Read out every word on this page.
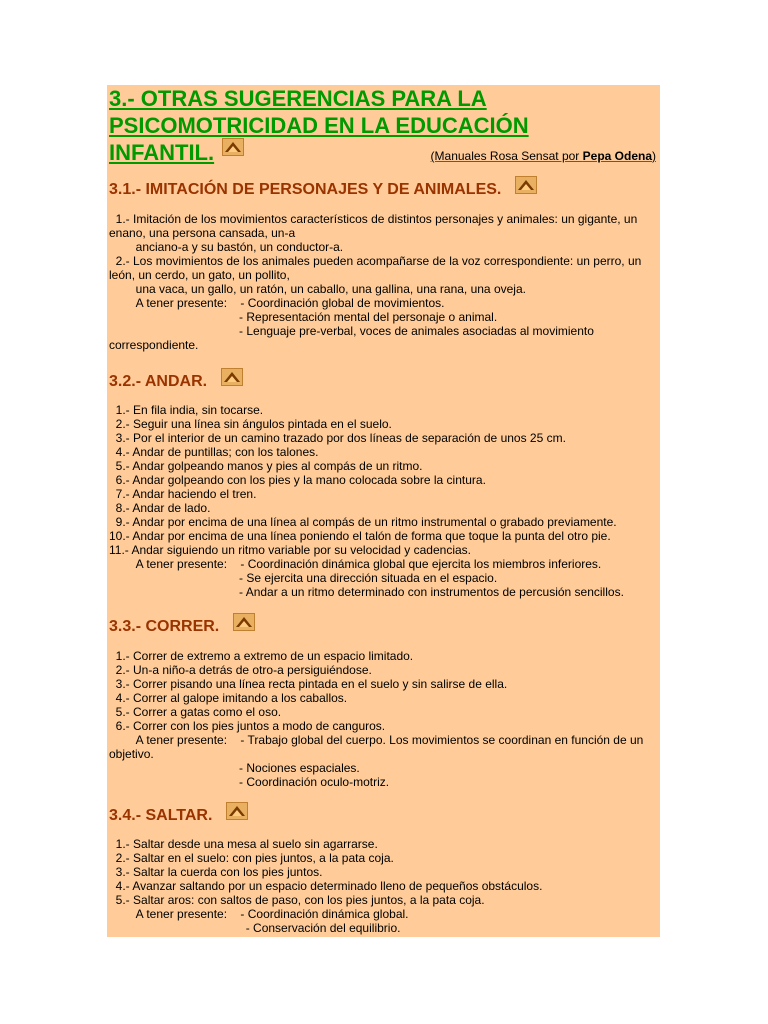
3.- OTRAS SUGERENCIAS PARA LA
PSICOMOTRICIDAD EN LA EDUCACIÓN
INFANTIL.	(Manuales Rosa Sensat por Pepa Odena)
3.1.- IMITACIÓN DE PERSONAJES Y DE ANIMALES.
1.- Imitación de los movimientos característicos de distintos personajes y animales: un gigante, un enano, una persona cansada, un-a
anciano-a y su bastón, un conductor-a.
2.- Los movimientos de los animales pueden acompañarse de la voz correspondiente: un perro, un león, un cerdo, un gato, un pollito,
una vaca, un gallo, un ratón, un caballo, una gallina, una rana, una oveja.
A tener presente:    - Coordinación global de movimientos.
- Representación mental del personaje o animal.
- Lenguaje pre-verbal, voces de animales asociadas al movimiento correspondiente.
3.2.- ANDAR.
1.- En fila india, sin tocarse.
2.- Seguir una línea sin ángulos pintada en el suelo.
3.- Por el interior de un camino trazado por dos líneas de separación de unos 25 cm.
4.- Andar de puntillas; con los talones.
5.- Andar golpeando manos y pies al compás de un ritmo.
6.- Andar golpeando con los pies y la mano colocada sobre la cintura.
7.- Andar haciendo el tren.
8.- Andar de lado.
9.- Andar por encima de una línea al compás de un ritmo instrumental o grabado previamente.
10.- Andar por encima de una línea poniendo el talón de forma que toque la punta del otro pie.
11.- Andar siguiendo un ritmo variable por su velocidad y cadencias.
A tener presente:    - Coordinación dinámica global que ejercita los miembros inferiores.
- Se ejercita una dirección situada en el espacio.
- Andar a un ritmo determinado con instrumentos de percusión sencillos.
3.3.- CORRER.
1.- Correr de extremo a extremo de un espacio limitado.
2.- Un-a niño-a detrás de otro-a persiguiéndose.
3.- Correr pisando una línea recta pintada en el suelo y sin salirse de ella.
4.- Correr al galope imitando a los caballos.
5.- Correr a gatas como el oso.
6.- Correr con los pies juntos a modo de canguros.
A tener presente:    - Trabajo global del cuerpo. Los movimientos se coordinan en función de un objetivo.
- Nociones espaciales.
- Coordinación oculo-motriz.
3.4.- SALTAR.
1.- Saltar desde una mesa al suelo sin agarrarse.
2.- Saltar en el suelo: con pies juntos, a la pata coja.
3.- Saltar la cuerda con los pies juntos.
4.- Avanzar saltando por un espacio determinado lleno de pequeños obstáculos.
5.- Saltar aros: con saltos de paso, con los pies juntos, a la pata coja.
A tener presente:    - Coordinación dinámica global.
- Conservación del equilibrio.
